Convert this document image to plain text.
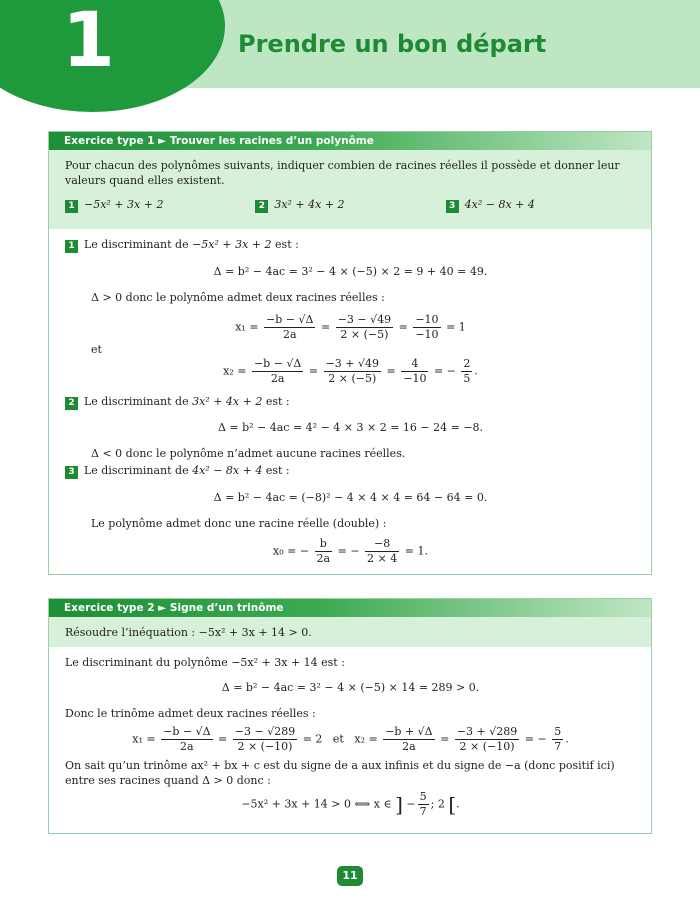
1	Prendre un bon départ
Exercice type 1 ► Trouver les racines d’un polynôme
Pour chacun des polynômes suivants, indiquer combien de racines réelles il possède et donner leur valeurs quand elles existent.
1 −5x² + 3x + 2	2 3x² + 4x + 2	3 4x² − 8x + 4
1 Le discriminant de −5x² + 3x + 2 est :
Δ = b² − 4ac = 3² − 4 × (−5) × 2 = 9 + 40 = 49.
Δ > 0 donc le polynôme admet deux racines réelles :
$x_1 = \frac{-b - √\Delta}{2a} = \frac{-3 - √49}{2 \times (-5)} = \frac{-10}{-10} = 1$
et
$x_2 = \frac{-b - √\Delta}{2a} = \frac{-3 + √49}{2 \times (-5)} = \frac{4}{-10}$ = − $\frac{2}{5}$ .
2 Le discriminant de 3x² + 4x + 2 est :
Δ = b² − 4ac = 4² − 4 × 3 × 2 = 16 − 24 = −8.
Δ < 0 donc le polynôme n’admet aucune racines réelles.
3 Le discriminant de 4x² − 8x + 4 est :
Δ = b² − 4ac = (−8)² − 4 × 4 × 4 = 64 − 64 = 0.
Le polynôme admet donc une racine réelle (double) :
x₀ = − $\frac{b}{2a}$ = − $\frac{-8}{2 \times 4} = 1$.
Exercice type 2 ► Signe d’un trinôme
Résoudre l’inéquation : −5x² + 3x + 14 > 0.
Le discriminant du polynôme −5x² + 3x + 14 est :
Δ = b² − 4ac = 3² − 4 × (−5) × 14 = 289 > 0.
Donc le trinôme admet deux racines réelles :
$x_1 = \frac{-b - √\Delta}{2a} = \frac{-3 - √289}{2 \times (-10)} = 2$ et $x_2 = \frac{-b + √\Delta}{2a} = \frac{-3 + √289}{2 \times (-10)}$ = − $\frac{5}{7}$ .
On sait qu’un trinôme ax² + bx + c est du signe de a aux infinis et du signe de −a (donc positif ici) entre ses racines quand Δ > 0 donc :
−5x² + 3x + 14 > 0 ⟺ x ∈ ] − $\frac{5}{7}$ ; 2 [.
11
